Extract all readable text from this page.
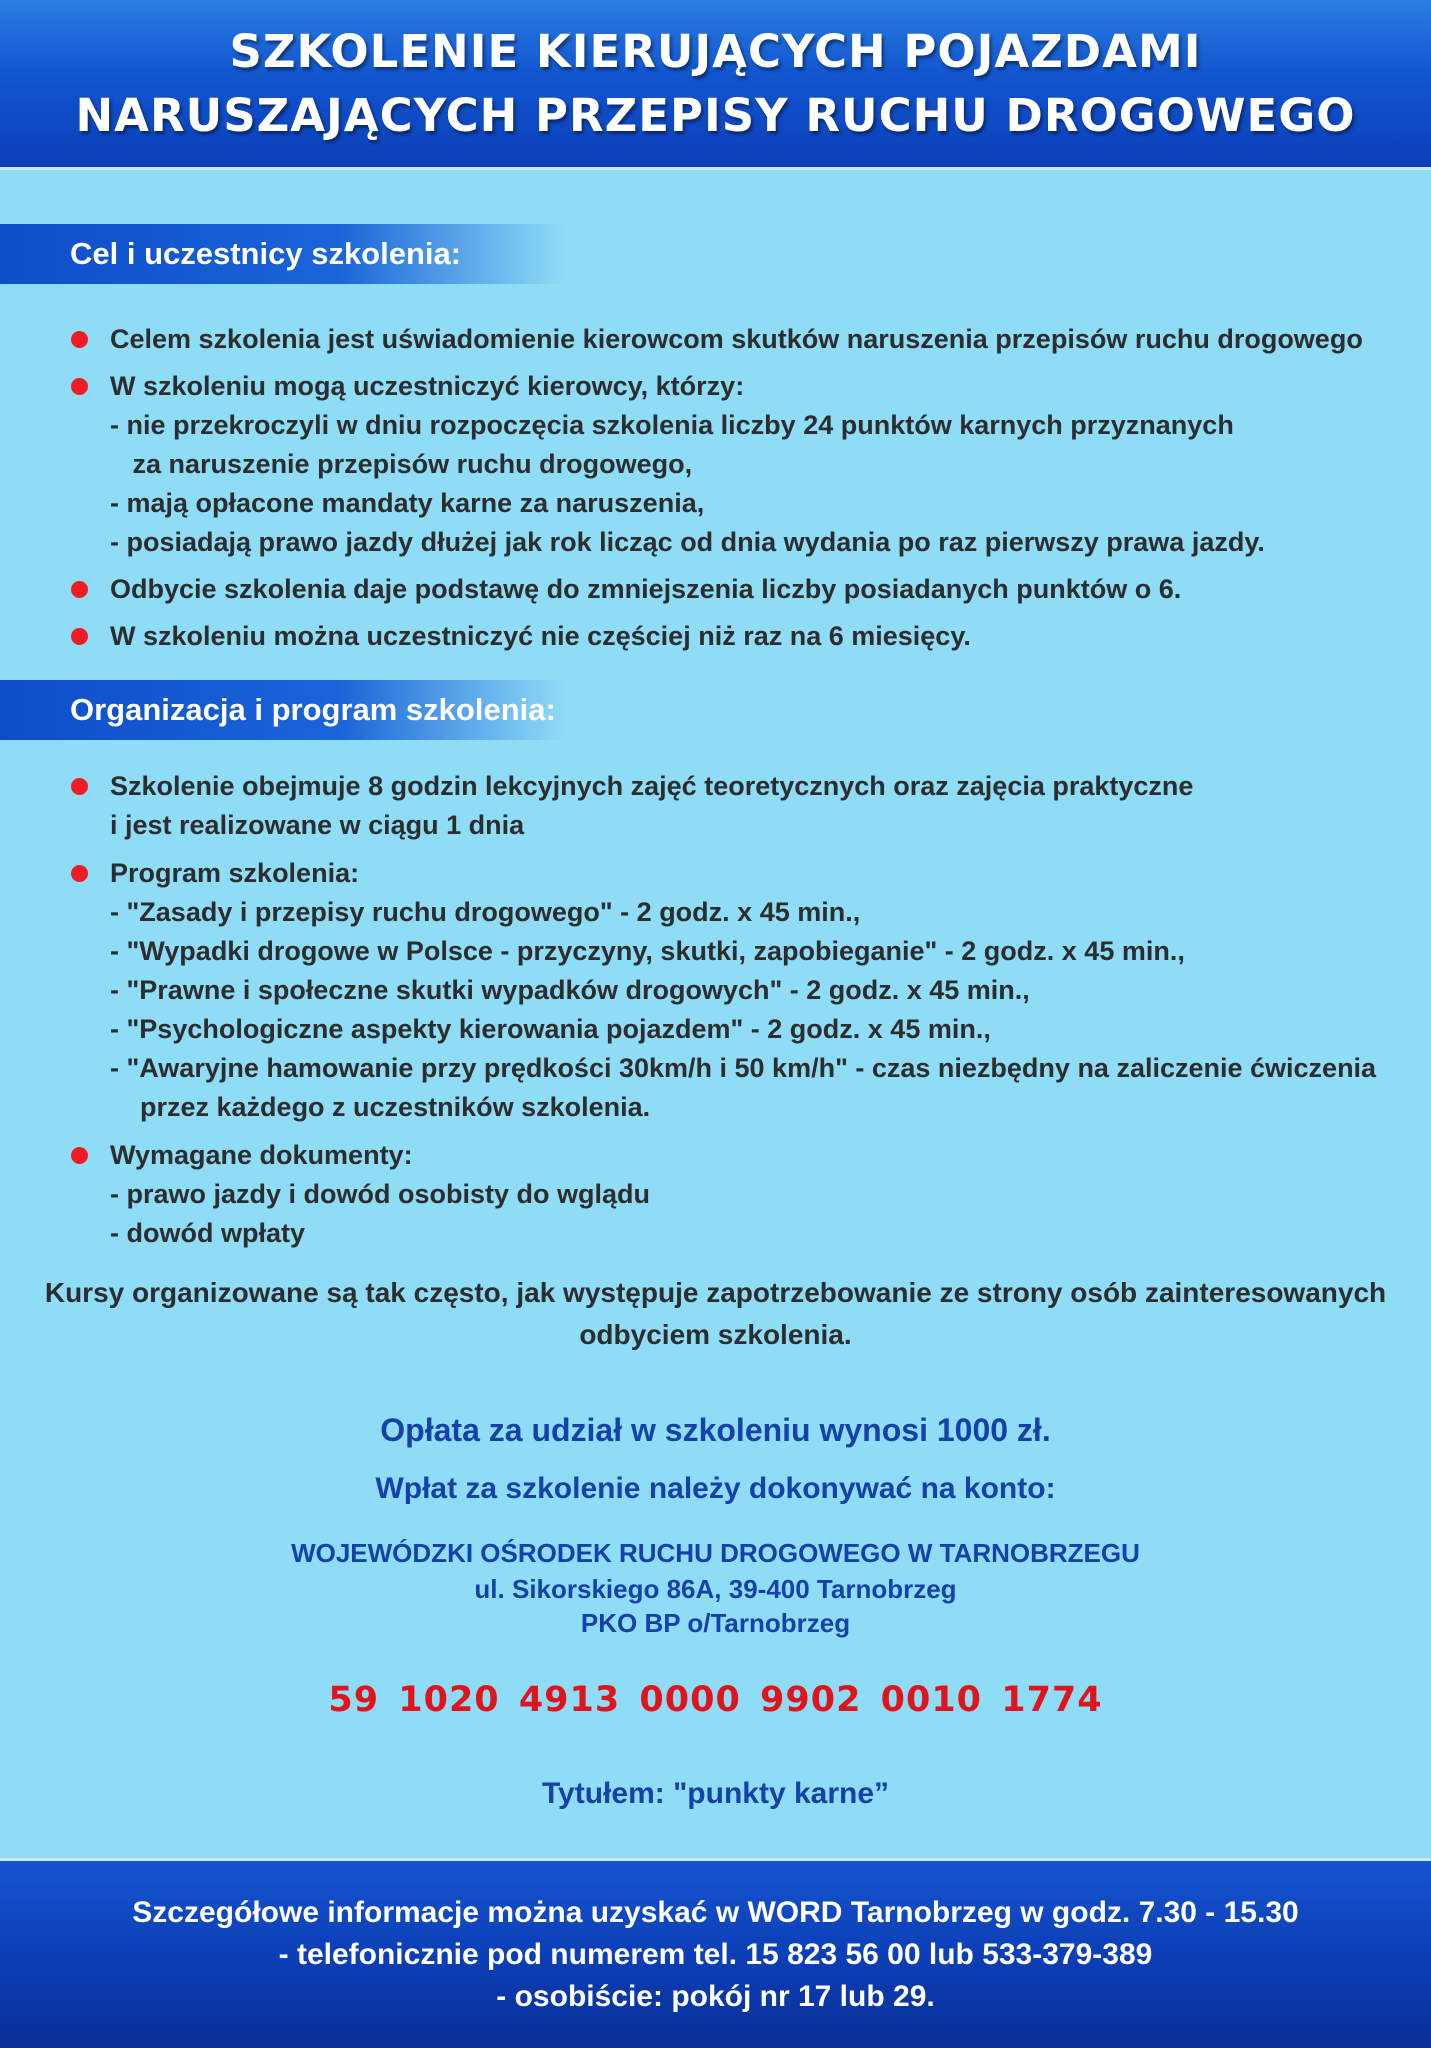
SZKOLENIE KIERUJĄCYCH POJAZDAMI
NARUSZAJĄCYCH PRZEPISY RUCHU DROGOWEGO
Cel i uczestnicy szkolenia:
Celem szkolenia jest uświadomienie kierowcom skutków naruszenia przepisów ruchu drogowego
W szkoleniu mogą uczestniczyć kierowcy, którzy:
- nie przekroczyli w dniu rozpoczęcia szkolenia liczby 24 punktów karnych przyznanych
za naruszenie przepisów ruchu drogowego,
- mają opłacone mandaty karne za naruszenia,
- posiadają prawo jazdy dłużej jak rok licząc od dnia wydania po raz pierwszy prawa jazdy.
Odbycie szkolenia daje podstawę do zmniejszenia liczby posiadanych punktów o 6.
W szkoleniu można uczestniczyć nie częściej niż raz na 6 miesięcy.
Organizacja i program szkolenia:
Szkolenie obejmuje 8 godzin lekcyjnych zajęć teoretycznych oraz zajęcia praktyczne
i jest realizowane w ciągu 1 dnia
Program szkolenia:
- "Zasady i przepisy ruchu drogowego" - 2 godz. x 45 min.,
- "Wypadki drogowe w Polsce - przyczyny, skutki, zapobieganie" - 2 godz. x 45 min.,
- "Prawne i społeczne skutki wypadków drogowych" - 2 godz. x 45 min.,
- "Psychologiczne aspekty kierowania pojazdem" - 2 godz. x 45 min.,
- "Awaryjne hamowanie przy prędkości 30km/h i 50 km/h" - czas niezbędny na zaliczenie ćwiczenia
przez każdego z uczestników szkolenia.
Wymagane dokumenty:
- prawo jazdy i dowód osobisty do wglądu
- dowód wpłaty
Kursy organizowane są tak często, jak występuje zapotrzebowanie ze strony osób zainteresowanych
odbyciem szkolenia.
Opłata za udział w szkoleniu wynosi 1000 zł.
Wpłat za szkolenie należy dokonywać na konto:
WOJEWÓDZKI OŚRODEK RUCHU DROGOWEGO W TARNOBRZEGU
ul. Sikorskiego 86A, 39-400 Tarnobrzeg
PKO BP o/Tarnobrzeg
59 1020 4913 0000 9902 0010 1774
Tytułem: "punkty karne”
Szczegółowe informacje można uzyskać w WORD Tarnobrzeg w godz. 7.30 - 15.30
- telefonicznie pod numerem tel. 15 823 56 00 lub 533-379-389
- osobiście: pokój nr 17 lub 29.
